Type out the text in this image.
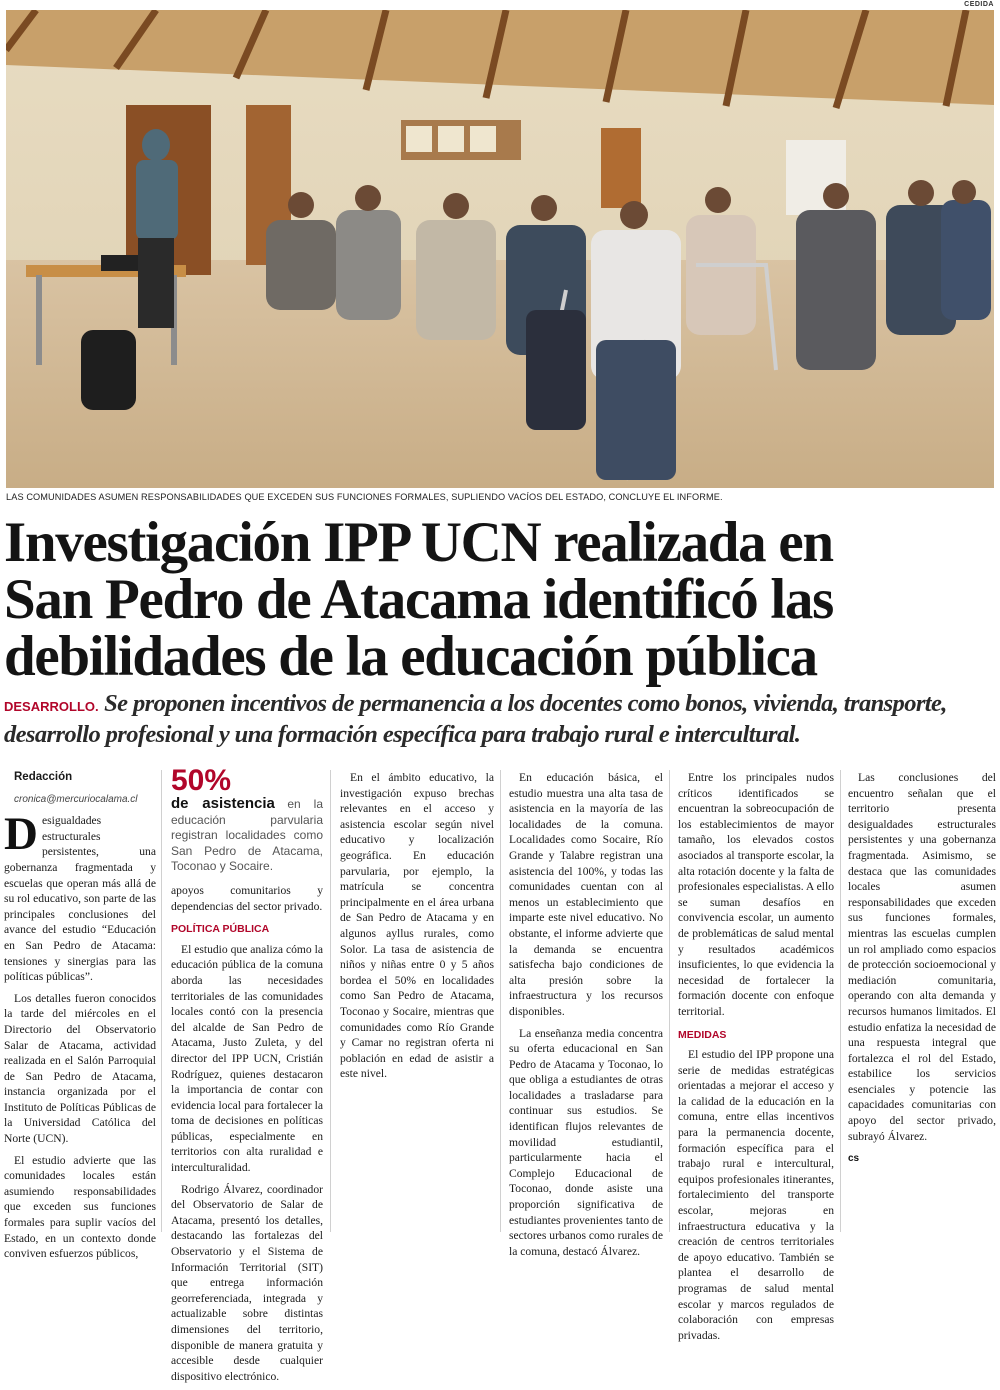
CEDIDA
LAS COMUNIDADES ASUMEN RESPONSABILIDADES QUE EXCEDEN SUS FUNCIONES FORMALES, SUPLIENDO VACÍOS DEL ESTADO, CONCLUYE EL INFORME.
Investigación IPP UCN realizada en
San Pedro de Atacama identificó las
debilidades de la educación pública
DESARROLLO. Se proponen incentivos de permanencia a los docentes como bonos, vivienda, transporte, desarrollo profesional y una formación específica para trabajo rural e intercultural.

Redacción

cronica@mercuriocalama.cl

Desigualdades estructurales persistentes, una gobernanza fragmentada y escuelas que operan más allá de su rol educativo, son parte de las principales conclusiones del avance del estudio “Educación en San Pedro de Atacama: tensiones y sinergias para las políticas públicas”.

Los detalles fueron conocidos la tarde del miércoles en el Directorio del Observatorio Salar de Atacama, actividad realizada en el Salón Parroquial de San Pedro de Atacama, instancia organizada por el Instituto de Políticas Públicas de la Universidad Católica del Norte (UCN).

El estudio advierte que las comunidades locales están asumiendo responsabilidades que exceden sus funciones formales para suplir vacíos del Estado, en un contexto donde conviven esfuerzos públicos,

50%
de asistencia en la educación parvularia registran localidades como San Pedro de Atacama, Toconao y Socaire.

apoyos comunitarios y dependencias del sector privado.

POLÍTICA PÚBLICA

El estudio que analiza cómo la educación pública de la comuna aborda las necesidades territoriales de las comunidades locales contó con la presencia del alcalde de San Pedro de Atacama, Justo Zuleta, y del director del IPP UCN, Cristián Rodríguez, quienes destacaron la importancia de contar con evidencia local para fortalecer la toma de decisiones en políticas públicas, especialmente en territorios con alta ruralidad e interculturalidad.

Rodrigo Álvarez, coordinador del Observatorio de Salar de Atacama, presentó los detalles, destacando las fortalezas del Observatorio y el Sistema de Información Territorial (SIT) que entrega información georreferenciada, integrada y actualizable sobre distintas dimensiones del territorio, disponible de manera gratuita y accesible desde cualquier dispositivo electrónico.

En el ámbito educativo, la investigación expuso brechas relevantes en el acceso y asistencia escolar según nivel educativo y localización geográfica. En educación parvularia, por ejemplo, la matrícula se concentra principalmente en el área urbana de San Pedro de Atacama y en algunos ayllus rurales, como Solor. La tasa de asistencia de niños y niñas entre 0 y 5 años bordea el 50% en localidades como San Pedro de Atacama, Toconao y Socaire, mientras que comunidades como Río Grande y Camar no registran oferta ni población en edad de asistir a este nivel.

En educación básica, el estudio muestra una alta tasa de asistencia en la mayoría de las localidades de la comuna. Localidades como Socaire, Río Grande y Talabre registran una asistencia del 100%, y todas las comunidades cuentan con al menos un establecimiento que imparte este nivel educativo. No obstante, el informe advierte que la demanda se encuentra satisfecha bajo condiciones de alta presión sobre la infraestructura y los recursos disponibles.

La enseñanza media concentra su oferta educacional en San Pedro de Atacama y Toconao, lo que obliga a estudiantes de otras localidades a trasladarse para continuar sus estudios. Se identifican flujos relevantes de movilidad estudiantil, particularmente hacia el Complejo Educacional de Toconao, donde asiste una proporción significativa de estudiantes provenientes tanto de sectores urbanos como rurales de la comuna, destacó Álvarez.

Entre los principales nudos críticos identificados se encuentran la sobreocupación de los establecimientos de mayor tamaño, los elevados costos asociados al transporte escolar, la alta rotación docente y la falta de profesionales especialistas. A ello se suman desafíos en convivencia escolar, un aumento de problemáticas de salud mental y resultados académicos insuficientes, lo que evidencia la necesidad de fortalecer la formación docente con enfoque territorial.

MEDIDAS

El estudio del IPP propone una serie de medidas estratégicas orientadas a mejorar el acceso y la calidad de la educación en la comuna, entre ellas incentivos para la permanencia docente, formación específica para el trabajo rural e intercultural, equipos profesionales itinerantes, fortalecimiento del transporte escolar, mejoras en infraestructura educativa y la creación de centros territoriales de apoyo educativo. También se plantea el desarrollo de programas de salud mental escolar y marcos regulados de colaboración con empresas privadas.

Las conclusiones del encuentro señalan que el territorio presenta desigualdades estructurales persistentes y una gobernanza fragmentada. Asimismo, se destaca que las comunidades locales asumen responsabilidades que exceden sus funciones formales, mientras las escuelas cumplen un rol ampliado como espacios de protección socioemocional y mediación comunitaria, operando con alta demanda y recursos humanos limitados. El estudio enfatiza la necesidad de una respuesta integral que fortalezca el rol del Estado, estabilice los servicios esenciales y potencie las capacidades comunitarias con apoyo del sector privado, subrayó Álvarez.

cs
